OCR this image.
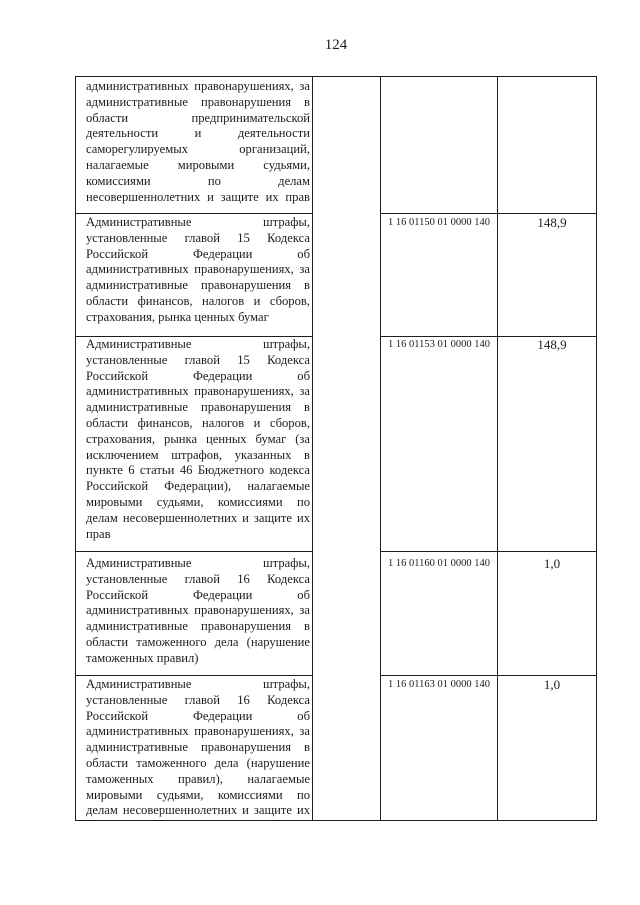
124
административных правонарушениях, за
административные правонарушения в
области предпринимательской
деятельности и деятельности
саморегулируемых организаций,
налагаемые мировыми судьями,
комиссиями по делам
несовершеннолетних и защите их прав
Административные штрафы,
установленные главой 15 Кодекса
Российской Федерации об
административных правонарушениях, за
административные правонарушения в
области финансов, налогов и сборов,
страхования, рынка ценных бумаг
1 16 01150 01 0000 140	148,9
Административные штрафы,
установленные главой 15 Кодекса
Российской Федерации об
административных правонарушениях, за
административные правонарушения в
области финансов, налогов и сборов,
страхования, рынка ценных бумаг (за
исключением штрафов, указанных в
пункте 6 статьи 46 Бюджетного кодекса
Российской Федерации), налагаемые
мировыми судьями, комиссиями по
делам несовершеннолетних и защите их
прав
1 16 01153 01 0000 140	148,9
Административные штрафы,
установленные главой 16 Кодекса
Российской Федерации об
административных правонарушениях, за
административные правонарушения в
области таможенного дела (нарушение
таможенных правил)
1 16 01160 01 0000 140	1,0
Административные штрафы,
установленные главой 16 Кодекса
Российской Федерации об
административных правонарушениях, за
административные правонарушения в
области таможенного дела (нарушение
таможенных правил), налагаемые
мировыми судьями, комиссиями по
делам несовершеннолетних и защите их
1 16 01163 01 0000 140	1,0
